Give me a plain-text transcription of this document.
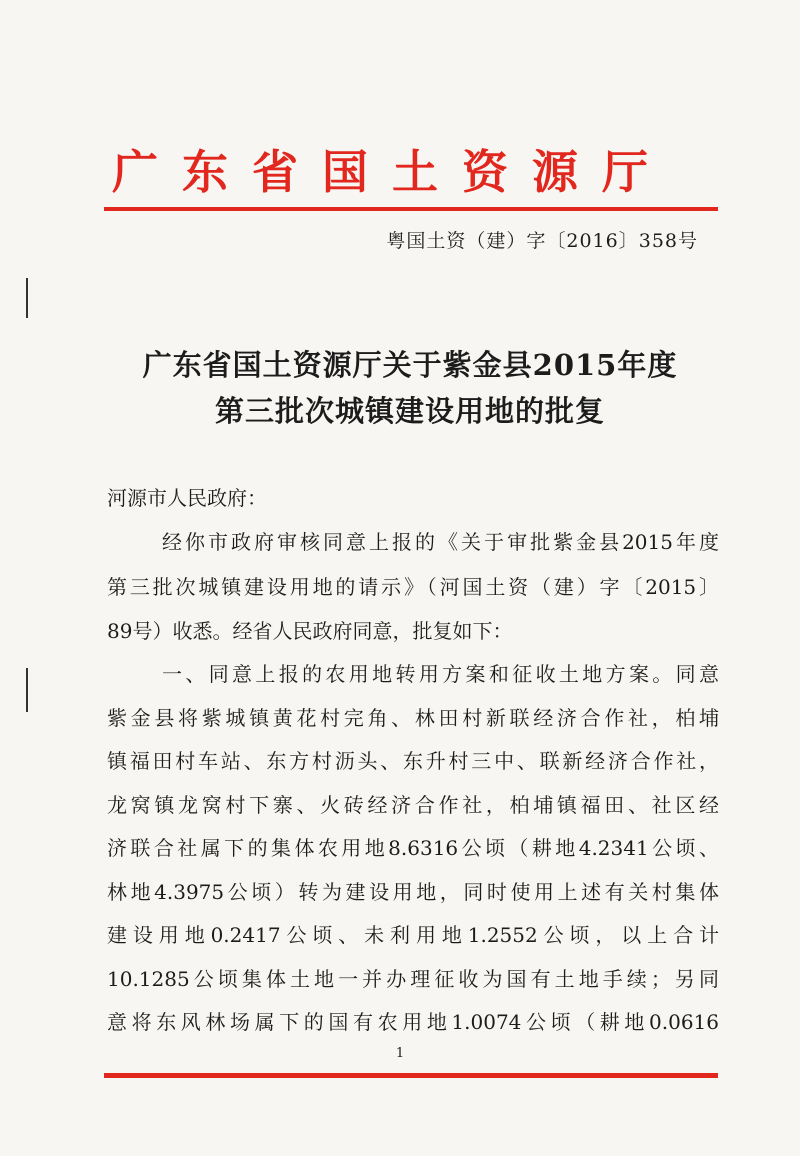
广东省国土资源厅
粤国土资（建）字〔2016〕358号
广东省国土资源厅关于紫金县2015年度
第三批次城镇建设用地的批复
河源市人民政府：
经你市政府审核同意上报的《关于审批紫金县2015年度
第三批次城镇建设用地的请示》（河国土资（建）字〔2015〕
89号）收悉。经省人民政府同意，批复如下：
一、同意上报的农用地转用方案和征收土地方案。同意
紫金县将紫城镇黄花村完角、林田村新联经济合作社，柏埔
镇福田村车站、东方村沥头、东升村三中、联新经济合作社，
龙窝镇龙窝村下寨、火砖经济合作社，柏埔镇福田、社区经
济联合社属下的集体农用地8.6316公顷（耕地4.2341公顷、
林地4.3975公顷）转为建设用地，同时使用上述有关村集体
建设用地0.2417公顷、未利用地1.2552公顷，以上合计
10.1285公顷集体土地一并办理征收为国有土地手续；另同
意将东风林场属下的国有农用地1.0074公顷（耕地0.0616
1
